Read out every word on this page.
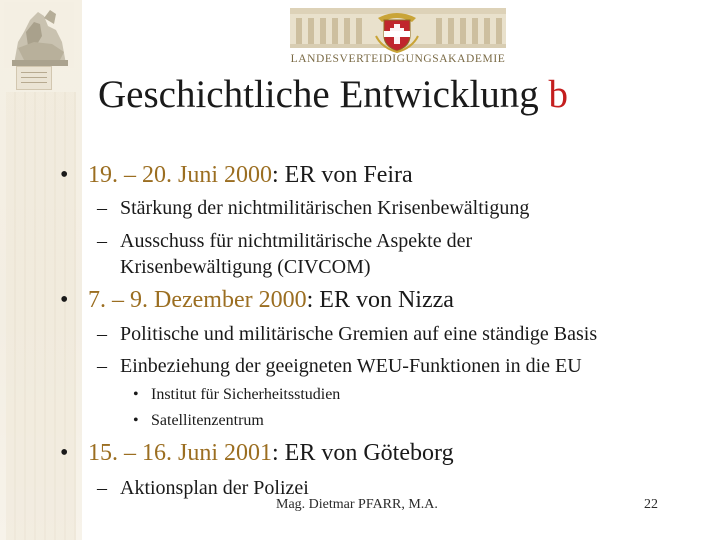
LANDESVERTEIDIGUNGSAKADEMIE
Geschichtliche Entwicklung b
• 19. – 20. Juni 2000: ER von Feira
– Stärkung der nichtmilitärischen Krisenbewältigung
– Ausschuss für nichtmilitärische Aspekte der
Krisenbewältigung (CIVCOM)
• 7. – 9. Dezember 2000: ER von Nizza
– Politische und militärische Gremien auf eine ständige Basis
– Einbeziehung der geeigneten WEU-Funktionen in die EU
• Institut für Sicherheitsstudien
• Satellitenzentrum
• 15. – 16. Juni 2001: ER von Göteborg
– Aktionsplan der Polizei
Mag. Dietmar PFARR, M.A.	22
